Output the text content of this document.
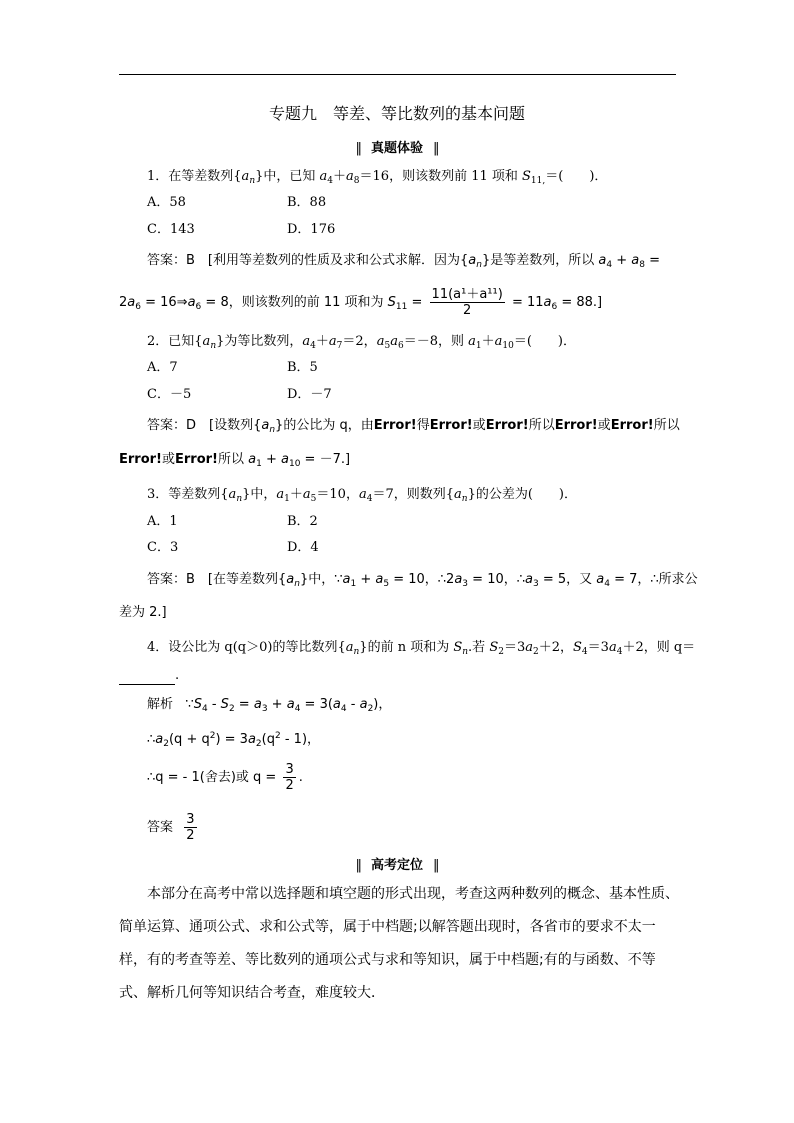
专题九　等差、等比数列的基本问题
‖ 真题体验 ‖
1．在等差数列$\{a_n\}$中，已知 $a_4+a_8=16$，则该数列前 11 项和 $S_{11,}=$(　　)．
A．58	B．88
C．143	D．176
答案：B　[利用等差数列的性质及求和公式求解．因为$\{a_n\}$是等差数列，所以 $a_4 + a_8$ =
$2a_6$ = $16\Rightarrow a_6 = 8$，则该数列的前 11 项和为 $S_{11} = \frac{\text{11(a¹＋a¹¹)}}{2} = 11a_6 = 88$.]
2．已知$\{a_n\}$为等比数列，$a_4+a_7=2$，$a_5a_6=-8$，则 $a_1+a_{10}=$(　　)．
A．7	B．5
C．－5	D．－7
答案：D　[设数列$\{a_n\}$的公比为 q，由Error!得Error!或Error!所以Error!或Error!所以
Error!或Error!所以 $a_1 + a_{10} = -7$.]
3．等差数列$\{a_n\}$中，$a_1+a_5=10$，$a_4=7$，则数列$\{a_n\}$的公差为(　　)．
A．1	B．2
C．3	D．4
答案：B　[在等差数列$\{a_n\}$中，$\because a_1 + a_5 = 10$，$\therefore 2a_3 = 10$，$\therefore a_3 = 5$，又 $a_4 = 7$，∴所求公
差为 2.]
4．设公比为 q(q＞0)的等比数列$\{a_n\}$的前 n 项和为 $S_n$.若 $S_2=3a_2+2$，$S_4=3a_4+2$，则 q＝
.
解析 $\because S_4 - S_2 = a_3 + a_4 = 3(a_4 - a_2)$，
$\therefore a_2(q + q^2) = 3a_2(q^2 - 1)$，
∴q = - 1(舍去)或 $q = \frac{3}{2}$ .
答案 $\frac{3}{2}$
‖ 高考定位 ‖
本部分在高考中常以选择题和填空题的形式出现，考查这两种数列的概念、基本性质、简单运算、通项公式、求和公式等，属于中档题;以解答题出现时，各省市的要求不太一样，有的考查等差、等比数列的通项公式与求和等知识，属于中档题;有的与函数、不等式、解析几何等知识结合考查，难度较大．
